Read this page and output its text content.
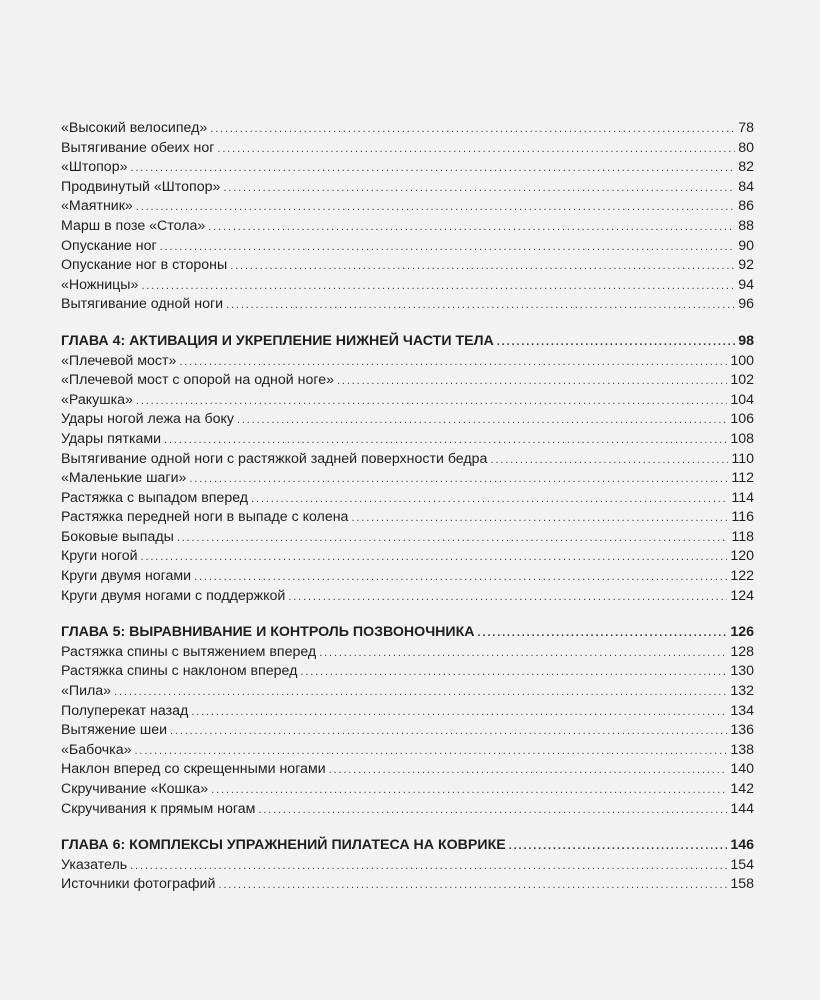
«Высокий велосипед» . . .	78
Вытягивание обеих ног . . .	80
«Штопор» . . .	82
Продвинутый «Штопор» . . .	84
«Маятник» . . .	86
Марш в позе «Стола» . . .	88
Опускание ног . . .	90
Опускание ног в стороны . . .	92
«Ножницы» . . .	94
Вытягивание одной ноги . . .	96
ГЛАВА 4: АКТИВАЦИЯ И УКРЕПЛЕНИЕ НИЖНЕЙ ЧАСТИ ТЕЛА . . .	98
«Плечевой мост» . . .	100
«Плечевой мост с опорой на одной ноге» . . .	102
«Ракушка» . . .	104
Удары ногой лежа на боку . . .	106
Удары пятками . . .	108
Вытягивание одной ноги с растяжкой задней поверхности бедра . . .	110
«Маленькие шаги» . . .	112
Растяжка с выпадом вперед . . .	114
Растяжка передней ноги в выпаде с колена . . .	116
Боковые выпады . . .	118
Круги ногой . . .	120
Круги двумя ногами . . .	122
Круги двумя ногами с поддержкой . . .	124
ГЛАВА 5: ВЫРАВНИВАНИЕ И КОНТРОЛЬ ПОЗВОНОЧНИКА . . .	126
Растяжка спины с вытяжением вперед . . .	128
Растяжка спины с наклоном вперед . . .	130
«Пила» . . .	132
Полуперекат назад . . .	134
Вытяжение шеи . . .	136
«Бабочка» . . .	138
Наклон вперед со скрещенными ногами . . .	140
Скручивание «Кошка» . . .	142
Скручивания к прямым ногам . . .	144
ГЛАВА 6: КОМПЛЕКСЫ УПРАЖНЕНИЙ ПИЛАТЕСА НА КОВРИКЕ . . .	146
Указатель . . .	154
Источники фотографий . . .	158
